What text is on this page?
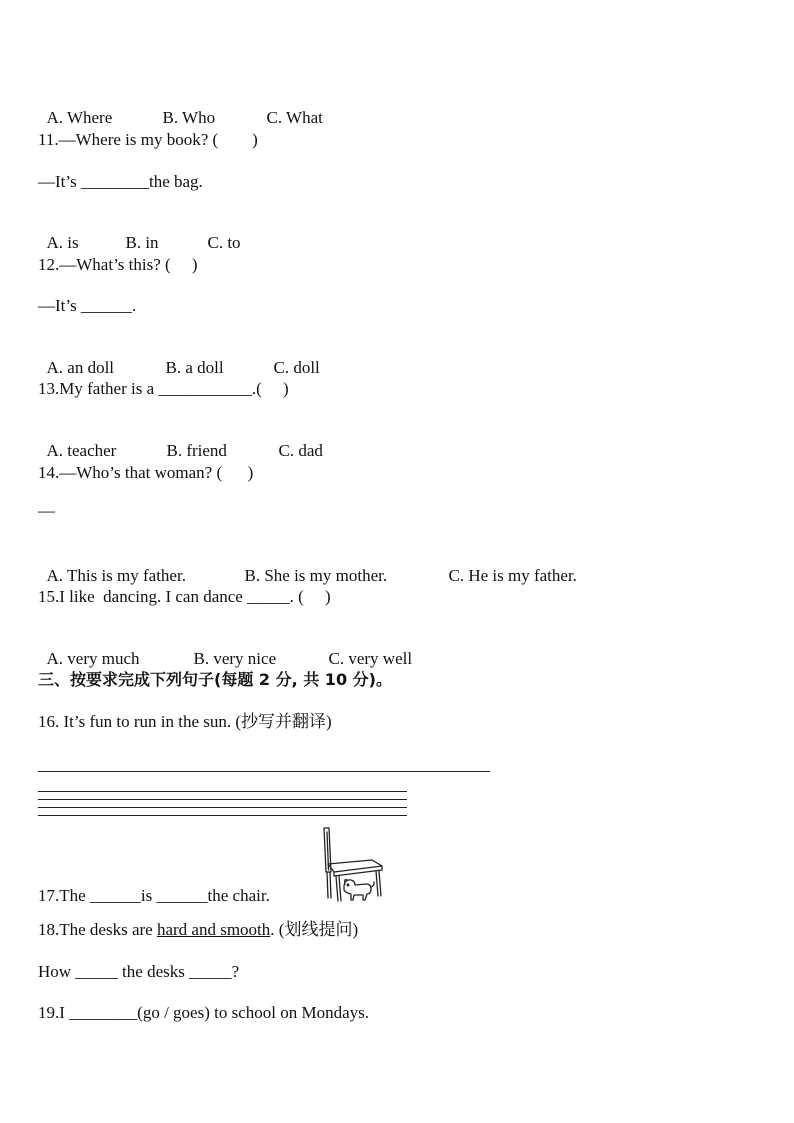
A. Where	B. Who	C. What

11.—Where is my book? (        )
—It’s ________the bag.

A. is	B. in	C. to

12.—What’s this? (     )
—It’s ______.

A. an doll	B. a doll	C. doll

13.My father is a ___________.(     )

A. teacher	B. friend	C. dad

14.—Who’s that woman? (      )
—

A. This is my father.	B. She is my mother.	C. He is my father.

15.I like  dancing. I can dance _____. (     )

A. very much	B. very nice	C. very well

三、按要求完成下列句子(每题 2 分, 共 10 分)。
16. It’s fun to run in the sun. (抄写并翻译)
17.The ______is ______the chair.
18.The desks are hard and smooth. (划线提问)
How _____ the desks _____?
19.I ________(go / goes) to school on Mondays.
